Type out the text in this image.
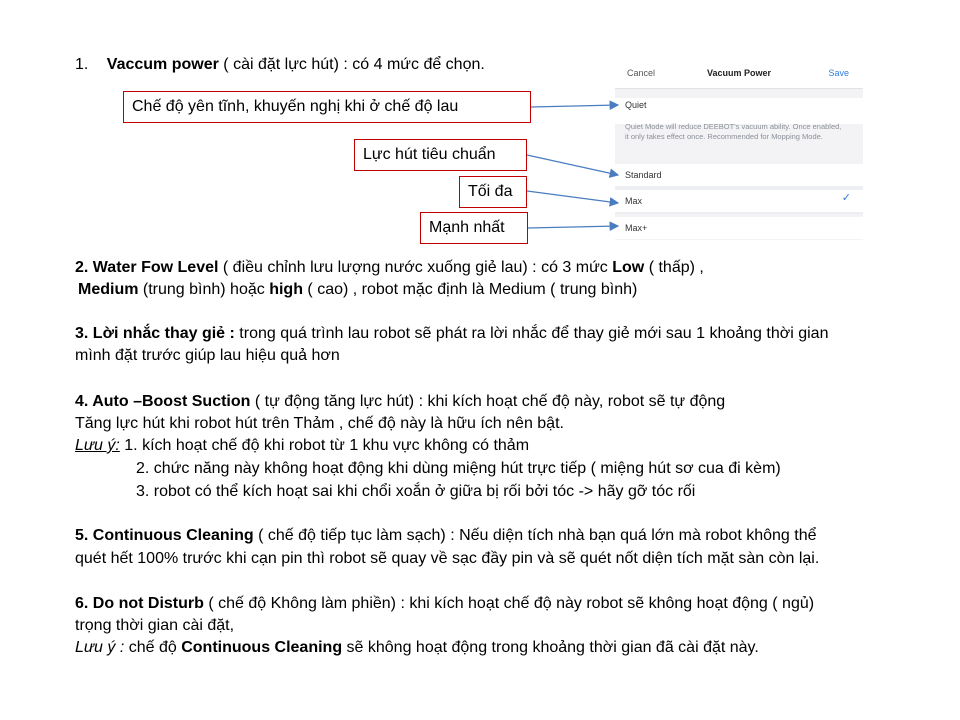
1. Vaccum power ( cài đặt lực hút) : có 4 mức để chọn.
Chế độ yên tĩnh, khuyến nghị khi ở chế độ lau
Lực hút tiêu chuẩn
Tối đa
Mạnh nhất
Vacuum Power
Cancel	Save
Quiet
Quiet Mode will reduce DEEBOT's vacuum ability. Once enabled, it only takes effect once. Recommended for Mopping Mode.
Standard
Max	✓
Max+
2. Water Fow Level ( điều chỉnh lưu lượng nước xuống giẻ lau) : có 3 mức Low ( thấp) ,
Medium (trung bình) hoặc high ( cao) , robot mặc định là Medium ( trung bình)
3. Lời nhắc thay giẻ : trong quá trình lau robot sẽ phát ra lời nhắc để thay giẻ mới sau 1 khoảng thời gian
mình đặt trước giúp lau hiệu quả hơn
4. Auto –Boost Suction ( tự động tăng lực hút) : khi kích hoạt chế độ này, robot sẽ tự động
Tăng lực hút khi robot hút trên Thảm , chế độ này là hữu ích nên bật.
Lưu ý: 1. kích hoạt chế độ khi robot từ 1 khu vực không có thảm
2. chức năng này không hoạt động khi dùng miệng hút trực tiếp ( miệng hút sơ cua đi kèm)
3. robot có thể kích hoạt sai khi chổi xoắn ở giữa bị rối bởi tóc -> hãy gỡ tóc rối
5. Continuous Cleaning ( chế độ tiếp tục làm sạch) : Nếu diện tích nhà bạn quá lớn mà robot không thể
quét hết 100% trước khi cạn pin thì robot sẽ quay về sạc đầy pin và sẽ quét nốt diện tích mặt sàn còn lại.
6. Do not Disturb ( chế độ Không làm phiền) : khi kích hoạt chế độ này robot sẽ không hoạt động ( ngủ)
trọng thời gian cài đặt,
Lưu ý : chế độ Continuous Cleaning sẽ không hoạt động trong khoảng thời gian đã cài đặt này.
